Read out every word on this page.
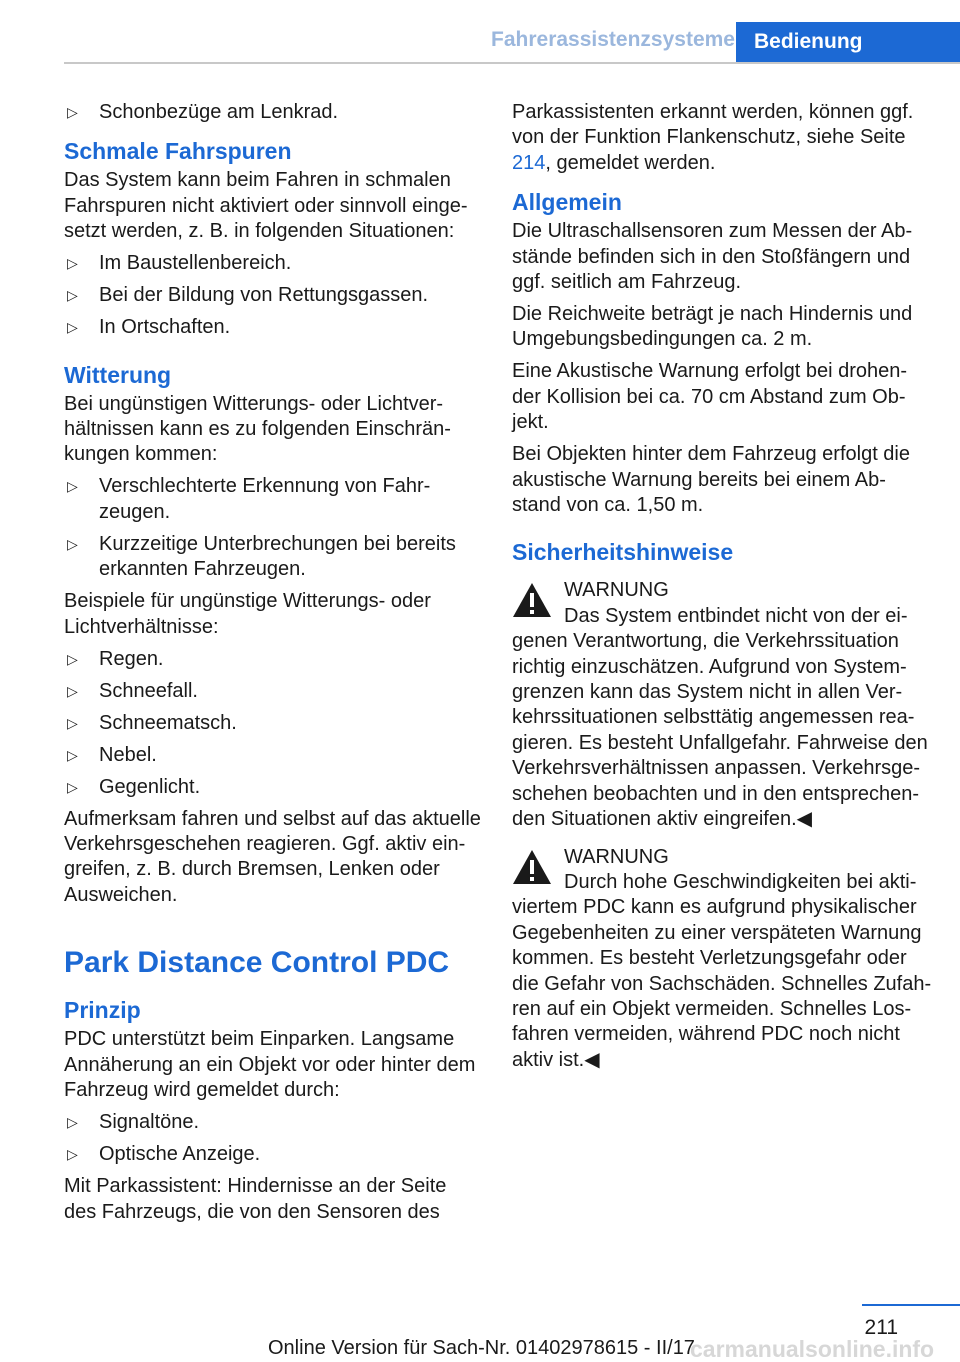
Fahrerassistenzsysteme Bedienung
▷ Schonbezüge am Lenkrad.
Schmale Fahrspuren

Das System kann beim Fahren in schmalen Fahrspuren nicht aktiviert oder sinnvoll einge‐setzt werden, z. B. in folgenden Situationen:

▷ Im Baustellenbereich.
▷ Bei der Bildung von Rettungsgassen.
▷ In Ortschaften.
Witterung

Bei ungünstigen Witterungs- oder Lichtver‐hältnissen kann es zu folgenden Einschrän‐kungen kommen:

▷ Verschlechterte Erkennung von Fahr‐zeugen.
▷ Kurzzeitige Unterbrechungen bei bereits erkannten Fahrzeugen.

Beispiele für ungünstige Witterungs- oder Lichtverhältnisse:

▷ Regen.
▷ Schneefall.
▷ Schneematsch.
▷ Nebel.
▷ Gegenlicht.

Aufmerksam fahren und selbst auf das aktuelle Verkehrsgeschehen reagieren. Ggf. aktiv ein‐greifen, z. B. durch Bremsen, Lenken oder Ausweichen.

Park Distance Control PDC
Prinzip

PDC unterstützt beim Einparken. Langsame Annäherung an ein Objekt vor oder hinter dem Fahrzeug wird gemeldet durch:

▷ Signaltöne.
▷ Optische Anzeige.

Mit Parkassistent: Hindernisse an der Seite des Fahrzeugs, die von den Sensoren des

Parkassistenten erkannt werden, können ggf. von der Funktion Flankenschutz, siehe Seite 214, gemeldet werden.

Allgemein

Die Ultraschallsensoren zum Messen der Ab‐stände befinden sich in den Stoßfängern und ggf. seitlich am Fahrzeug.

Die Reichweite beträgt je nach Hindernis und Umgebungsbedingungen ca. 2 m.

Eine Akustische Warnung erfolgt bei drohen‐der Kollision bei ca. 70 cm Abstand zum Ob‐jekt.

Bei Objekten hinter dem Fahrzeug erfolgt die akustische Warnung bereits bei einem Ab‐stand von ca. 1,50 m.

Sicherheitshinweise
WARNUNG

Das System entbindet nicht von der ei‐genen Verantwortung, die Verkehrssituation richtig einzuschätzen. Aufgrund von System‐grenzen kann das System nicht in allen Ver‐kehrssituationen selbsttätig angemessen rea‐gieren. Es besteht Unfallgefahr. Fahrweise den Verkehrsverhältnissen anpassen. Verkehrsge‐schehen beobachten und in den entsprechen‐den Situationen aktiv eingreifen.◀

WARNUNG

Durch hohe Geschwindigkeiten bei akti‐viertem PDC kann es aufgrund physikalischer Gegebenheiten zu einer verspäteten Warnung kommen. Es besteht Verletzungsgefahr oder die Gefahr von Sachschäden. Schnelles Zufah‐ren auf ein Objekt vermeiden. Schnelles Los‐fahren vermeiden, während PDC noch nicht aktiv ist.◀

211
carmanualsonline.info
Online Version für Sach-Nr. 01402978615 - II/17
